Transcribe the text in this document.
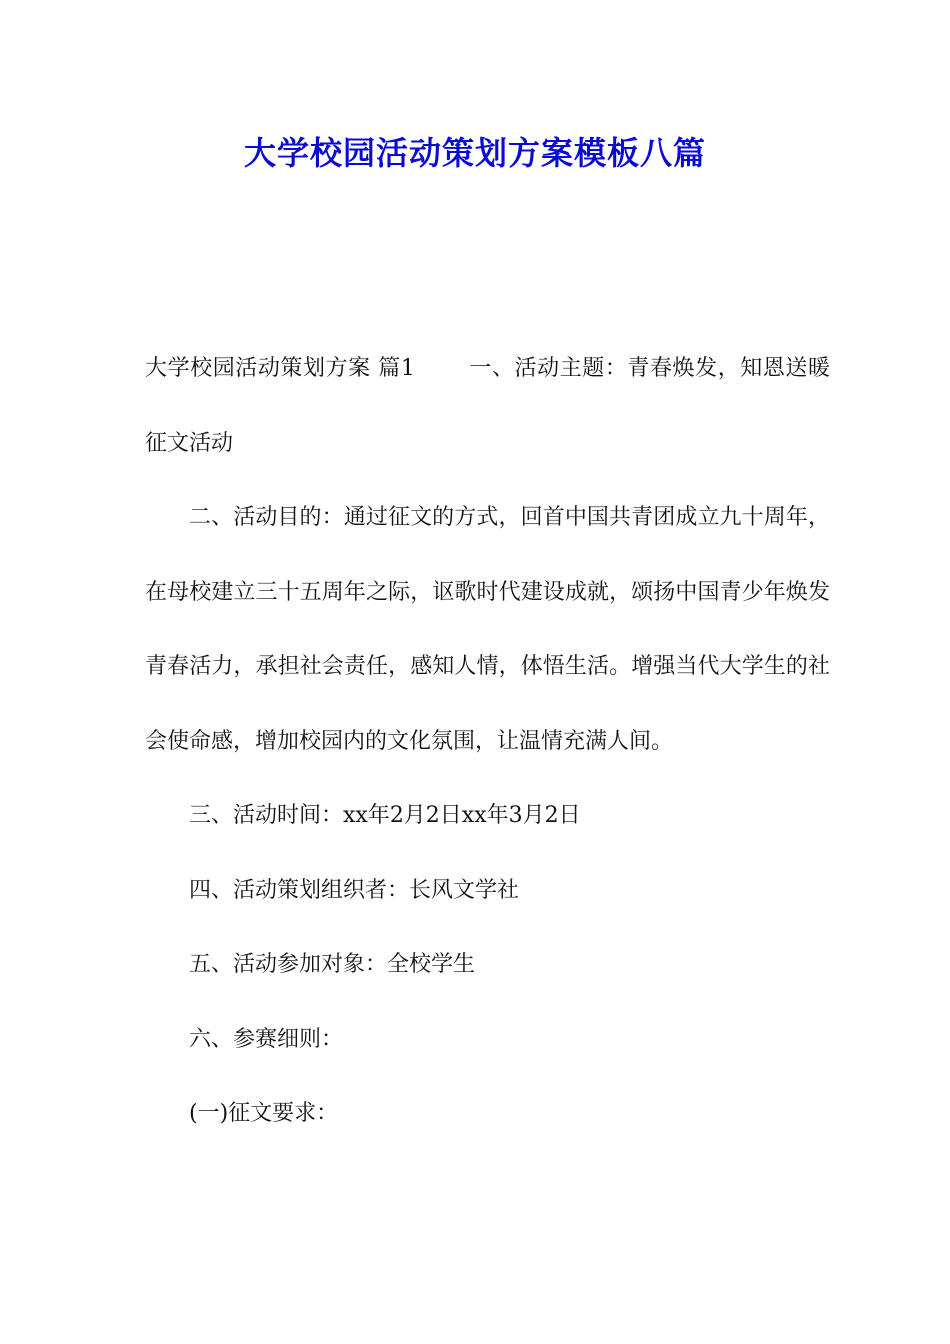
大学校园活动策划方案模板八篇

大学校园活动策划方案 篇1 一、活动主题：青春焕发，知恩送暖征文活动

二、活动目的：通过征文的方式，回首中国共青团成立九十周年，在母校建立三十五周年之际，讴歌时代建设成就，颂扬中国青少年焕发青春活力，承担社会责任，感知人情，体悟生活。增强当代大学生的社会使命感，增加校园内的文化氛围，让温情充满人间。

三、活动时间：xx年2月2日xx年3月2日

四、活动策划组织者：长风文学社

五、活动参加对象：全校学生

六、参赛细则：

(一)征文要求：
